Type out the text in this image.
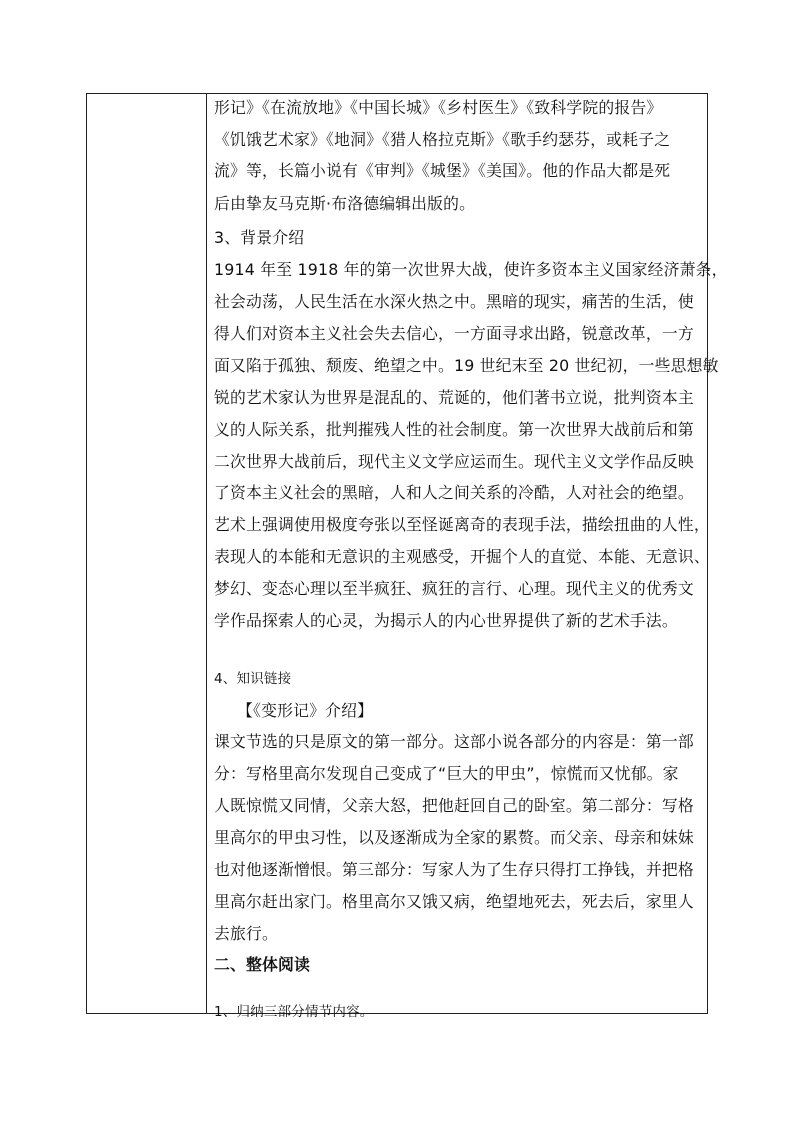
形记》《在流放地》《中国长城》《乡村医生》《致科学院的报告》
《饥饿艺术家》《地洞》《猎人格拉克斯》《歌手约瑟芬，或耗子之
流》等，长篇小说有《审判》《城堡》《美国》。他的作品大都是死
后由挚友马克斯·布洛德编辑出版的。
3、背景介绍
1914 年至 1918 年的第一次世界大战，使许多资本主义国家经济萧条，
社会动荡，人民生活在水深火热之中。黑暗的现实，痛苦的生活，使
得人们对资本主义社会失去信心，一方面寻求出路，锐意改革，一方
面又陷于孤独、颓废、绝望之中。19 世纪末至 20 世纪初，一些思想敏
锐的艺术家认为世界是混乱的、荒诞的，他们著书立说，批判资本主
义的人际关系，批判摧残人性的社会制度。第一次世界大战前后和第
二次世界大战前后，现代主义文学应运而生。现代主义文学作品反映
了资本主义社会的黑暗，人和人之间关系的冷酷，人对社会的绝望。
艺术上强调使用极度夸张以至怪诞离奇的表现手法，描绘扭曲的人性，
表现人的本能和无意识的主观感受，开掘个人的直觉、本能、无意识、
梦幻、变态心理以至半疯狂、疯狂的言行、心理。现代主义的优秀文
学作品探索人的心灵，为揭示人的内心世界提供了新的艺术手法。
4、知识链接
【《变形记》介绍】
课文节选的只是原文的第一部分。这部小说各部分的内容是：第一部
分：写格里高尔发现自己变成了“巨大的甲虫”，惊慌而又忧郁。家
人既惊慌又同情，父亲大怒，把他赶回自己的卧室。第二部分：写格
里高尔的甲虫习性，以及逐渐成为全家的累赘。而父亲、母亲和妹妹
也对他逐渐憎恨。第三部分：写家人为了生存只得打工挣钱，并把格
里高尔赶出家门。格里高尔又饿又病，绝望地死去，死去后，家里人
去旅行。
二、整体阅读
1、归纳三部分情节内容。
